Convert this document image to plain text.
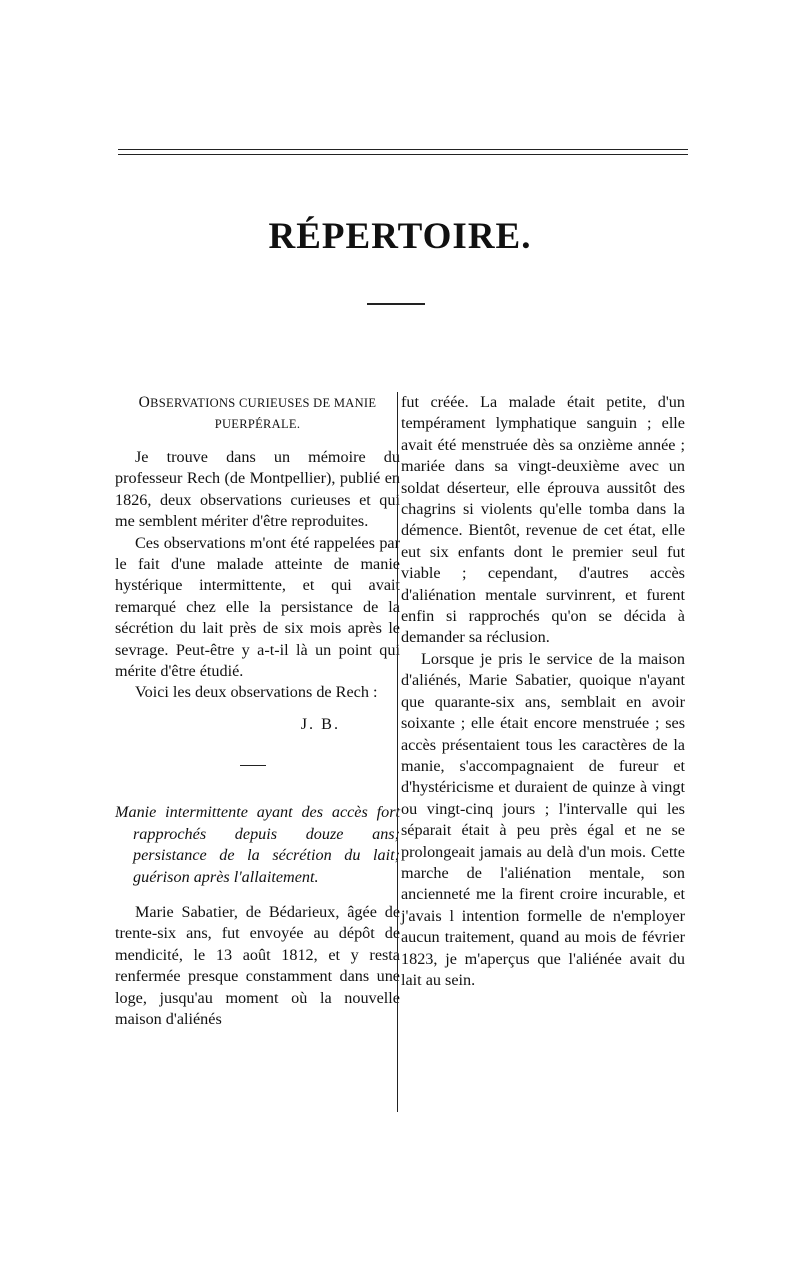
RÉPERTOIRE.
OBSERVATIONS CURIEUSES DE MANIE
PUERPÉRALE.

Je trouve dans un mémoire du professeur Rech (de Montpellier), publié en 1826, deux observations curieuses et qui me semblent mériter d'être reproduites.

Ces observations m'ont été rappelées par le fait d'une malade atteinte de manie hystérique intermittente, et qui avait remarqué chez elle la persistance de la sécrétion du lait près de six mois après le sevrage. Peut-être y a-t-il là un point qui mérite d'être étudié.

Voici les deux observations de Rech :

J. B.

Manie intermittente ayant des accès fort rapprochés depuis douze ans; persistance de la sécrétion du lait; guérison après l'allaitement.

Marie Sabatier, de Bédarieux, âgée de trente-six ans, fut envoyée au dépôt de mendicité, le 13 août 1812, et y resta renfermée presque constamment dans une loge, jusqu'au moment où la nouvelle maison d'aliénés

fut créée. La malade était petite, d'un tempérament lymphatique sanguin ; elle avait été menstruée dès sa onzième année ; mariée dans sa vingt-deuxième avec un soldat déserteur, elle éprouva aussitôt des chagrins si violents qu'elle tomba dans la démence. Bientôt, revenue de cet état, elle eut six enfants dont le premier seul fut viable ; cependant, d'autres accès d'aliénation mentale survinrent, et furent enfin si rapprochés qu'on se décida à demander sa réclusion.

Lorsque je pris le service de la maison d'aliénés, Marie Sabatier, quoique n'ayant que quarante-six ans, semblait en avoir soixante ; elle était encore menstruée ; ses accès présentaient tous les caractères de la manie, s'accompagnaient de fureur et d'hystéricisme et duraient de quinze à vingt ou vingt-cinq jours ; l'intervalle qui les séparait était à peu près égal et ne se prolongeait jamais au delà d'un mois. Cette marche de l'aliénation mentale, son ancienneté me la firent croire incurable, et j'avais l intention formelle de n'employer aucun traitement, quand au mois de février 1823, je m'aperçus que l'aliénée avait du lait au sein.
